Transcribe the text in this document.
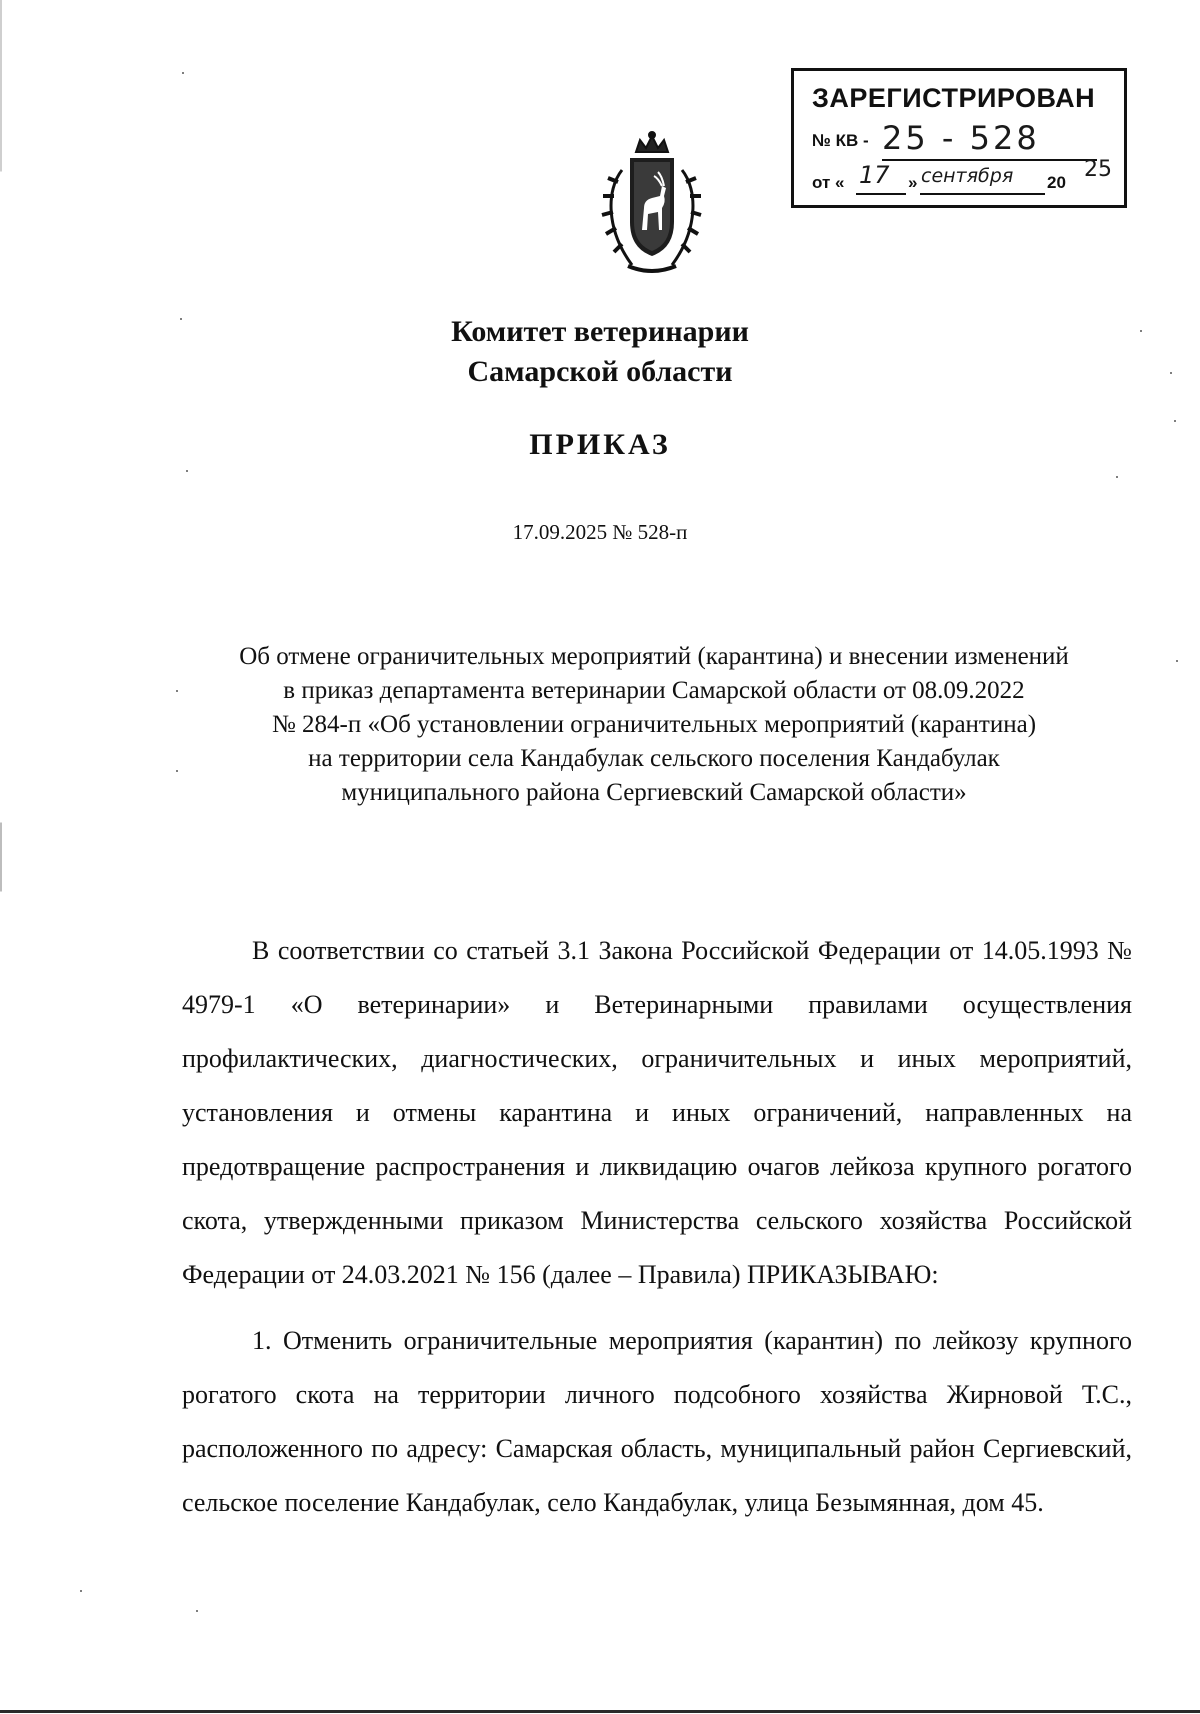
ЗАРЕГИСТРИРОВАН
№ КВ - 25 - 528
от « 17 » сентября 20
25
Комитет ветеринарии
Самарской области
ПРИКАЗ
17.09.2025 № 528-п
Об отмене ограничительных мероприятий (карантина) и внесении изменений
в приказ департамента ветеринарии Самарской области от 08.09.2022
№ 284-п «Об установлении ограничительных мероприятий (карантина)
на территории села Кандабулак сельского поселения Кандабулак
муниципального района Сергиевский Самарской области»
В соответствии со статьей 3.1 Закона Российской Федерации от 14.05.1993 № 4979-1 «О ветеринарии» и Ветеринарными правилами осуществления профилактических, диагностических, ограничительных и иных мероприятий, установления и отмены карантина и иных ограничений, направленных на предотвращение распространения и ликвидацию очагов лейкоза крупного рогатого скота, утвержденными приказом Министерства сельского хозяйства Российской Федерации от 24.03.2021 № 156 (далее – Правила) ПРИКАЗЫВАЮ:
1. Отменить ограничительные мероприятия (карантин) по лейкозу крупного рогатого скота на территории личного подсобного хозяйства Жирновой Т.С., расположенного по адресу: Самарская область, муниципальный район Сергиевский, сельское поселение Кандабулак, село Кандабулак, улица Безымянная, дом 45.
